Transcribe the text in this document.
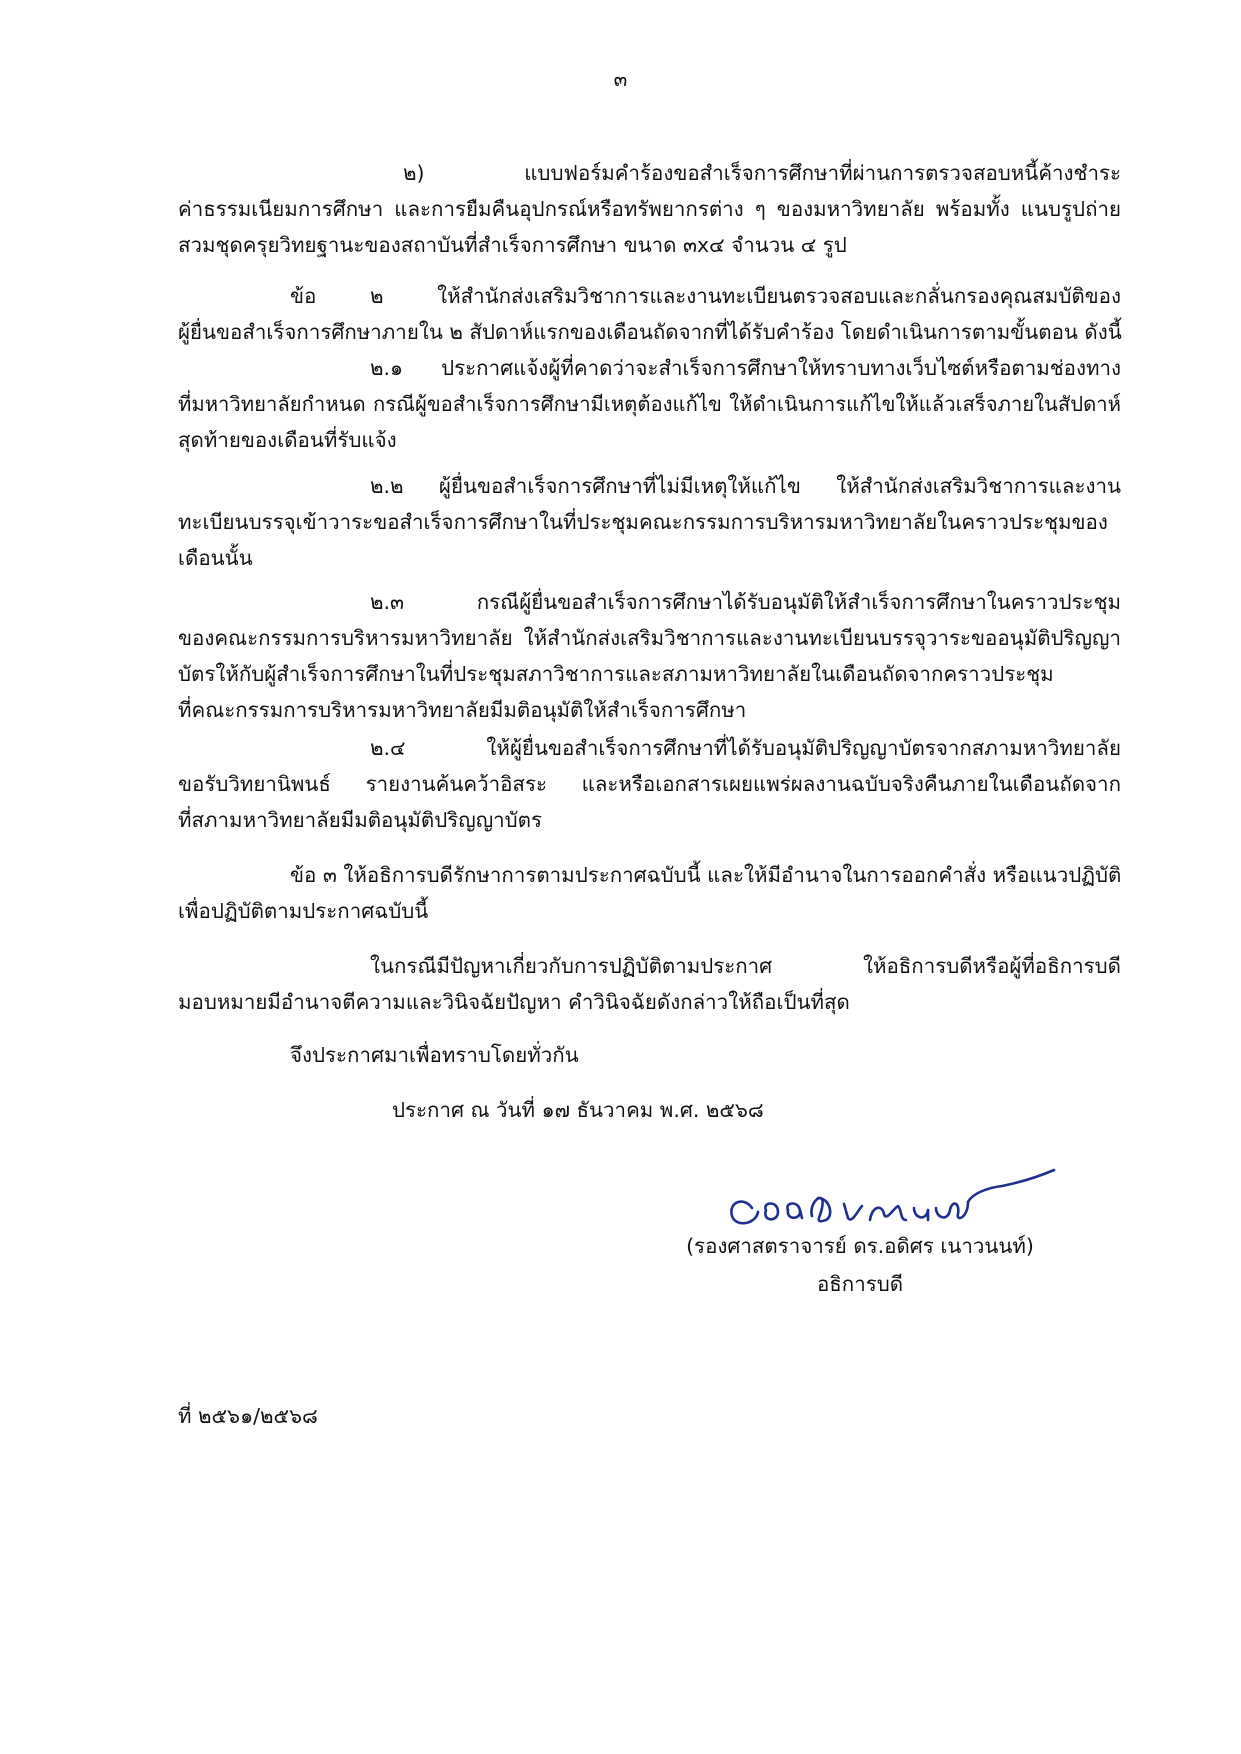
๓
๒) แบบฟอร์มคำร้องขอสำเร็จการศึกษาที่ผ่านการตรวจสอบหนี้ค้างชำระ
ค่าธรรมเนียมการศึกษา และการยืมคืนอุปกรณ์หรือทรัพยากรต่าง ๆ ของมหาวิทยาลัย พร้อมทั้ง แนบรูปถ่าย
สวมชุดครุยวิทยฐานะของสถาบันที่สำเร็จการศึกษา ขนาด ๓x๔ จำนวน ๔ รูป
ข้อ ๒ ให้สำนักส่งเสริมวิชาการและงานทะเบียนตรวจสอบและกลั่นกรองคุณสมบัติของ
ผู้ยื่นขอสำเร็จการศึกษาภายใน ๒ สัปดาห์แรกของเดือนถัดจากที่ได้รับคำร้อง โดยดำเนินการตามขั้นตอน ดังนี้
๒.๑ ประกาศแจ้งผู้ที่คาดว่าจะสำเร็จการศึกษาให้ทราบทางเว็บไซต์หรือตามช่องทาง
ที่มหาวิทยาลัยกำหนด กรณีผู้ขอสำเร็จการศึกษามีเหตุต้องแก้ไข ให้ดำเนินการแก้ไขให้แล้วเสร็จภายในสัปดาห์
สุดท้ายของเดือนที่รับแจ้ง
๒.๒ ผู้ยื่นขอสำเร็จการศึกษาที่ไม่มีเหตุให้แก้ไข ให้สำนักส่งเสริมวิชาการและงาน
ทะเบียนบรรจุเข้าวาระขอสำเร็จการศึกษาในที่ประชุมคณะกรรมการบริหารมหาวิทยาลัยในคราวประชุมของ
เดือนนั้น
๒.๓ กรณีผู้ยื่นขอสำเร็จการศึกษาได้รับอนุมัติให้สำเร็จการศึกษาในคราวประชุม
ของคณะกรรมการบริหารมหาวิทยาลัย ให้สำนักส่งเสริมวิชาการและงานทะเบียนบรรจุวาระขออนุมัติปริญญา
บัตรให้กับผู้สำเร็จการศึกษาในที่ประชุมสภาวิชาการและสภามหาวิทยาลัยในเดือนถัดจากคราวประชุม
ที่คณะกรรมการบริหารมหาวิทยาลัยมีมติอนุมัติให้สำเร็จการศึกษา
๒.๔ ให้ผู้ยื่นขอสำเร็จการศึกษาที่ได้รับอนุมัติปริญญาบัตรจากสภามหาวิทยาลัย
ขอรับวิทยานิพนธ์ รายงานค้นคว้าอิสระ และหรือเอกสารเผยแพร่ผลงานฉบับจริงคืนภายในเดือนถัดจาก
ที่สภามหาวิทยาลัยมีมติอนุมัติปริญญาบัตร
ข้อ ๓ ให้อธิการบดีรักษาการตามประกาศฉบับนี้ และให้มีอำนาจในการออกคำสั่ง หรือแนวปฏิบัติ
เพื่อปฏิบัติตามประกาศฉบับนี้
ในกรณีมีปัญหาเกี่ยวกับการปฏิบัติตามประกาศ ให้อธิการบดีหรือผู้ที่อธิการบดี
มอบหมายมีอำนาจตีความและวินิจฉัยปัญหา คำวินิจฉัยดังกล่าวให้ถือเป็นที่สุด
จึงประกาศมาเพื่อทราบโดยทั่วกัน
ประกาศ ณ วันที่ ๑๗ ธันวาคม พ.ศ. ๒๕๖๘
(รองศาสตราจารย์ ดร.อดิศร เนาวนนท์)
อธิการบดี
ที่ ๒๕๖๑/๒๕๖๘
